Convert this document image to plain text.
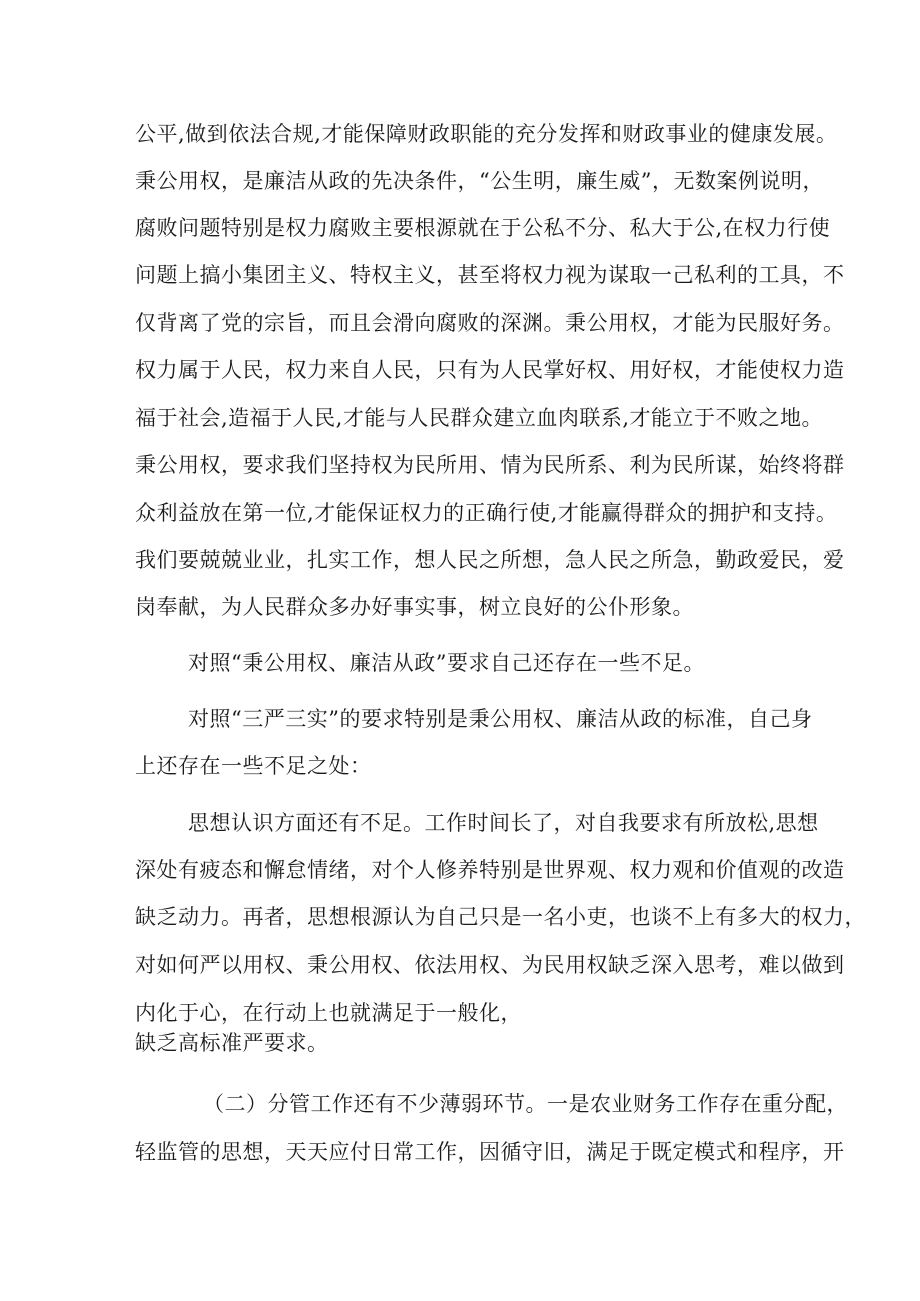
公平,做到依法合规,才能保障财政职能的充分发挥和财政事业的健康发展。
秉公用权，是廉洁从政的先决条件，“公生明，廉生威”，无数案例说明，
腐败问题特别是权力腐败主要根源就在于公私不分、私大于公,在权力行使
问题上搞小集团主义、特权主义，甚至将权力视为谋取一己私利的工具，不
仅背离了党的宗旨，而且会滑向腐败的深渊。秉公用权，才能为民服好务。
权力属于人民，权力来自人民，只有为人民掌好权、用好权，才能使权力造
福于社会,造福于人民,才能与人民群众建立血肉联系,才能立于不败之地。
秉公用权，要求我们坚持权为民所用、情为民所系、利为民所谋，始终将群
众利益放在第一位,才能保证权力的正确行使,才能赢得群众的拥护和支持。
我们要兢兢业业，扎实工作，想人民之所想，急人民之所急，勤政爱民，爱
岗奉献，为人民群众多办好事实事，树立良好的公仆形象。
对照“秉公用权、廉洁从政”要求自己还存在一些不足。
对照“三严三实”的要求特别是秉公用权、廉洁从政的标准，自己身
上还存在一些不足之处：
思想认识方面还有不足。工作时间长了，对自我要求有所放松,思想
深处有疲态和懈怠情绪，对个人修养特别是世界观、权力观和价值观的改造
缺乏动力。再者，思想根源认为自己只是一名小吏，也谈不上有多大的权力，
对如何严以用权、秉公用权、依法用权、为民用权缺乏深入思考，难以做到
内化于心，在行动上也就满足于一般化，
缺乏高标准严要求。
（二）分管工作还有不少薄弱环节。一是农业财务工作存在重分配，
轻监管的思想，天天应付日常工作，因循守旧，满足于既定模式和程序，开
